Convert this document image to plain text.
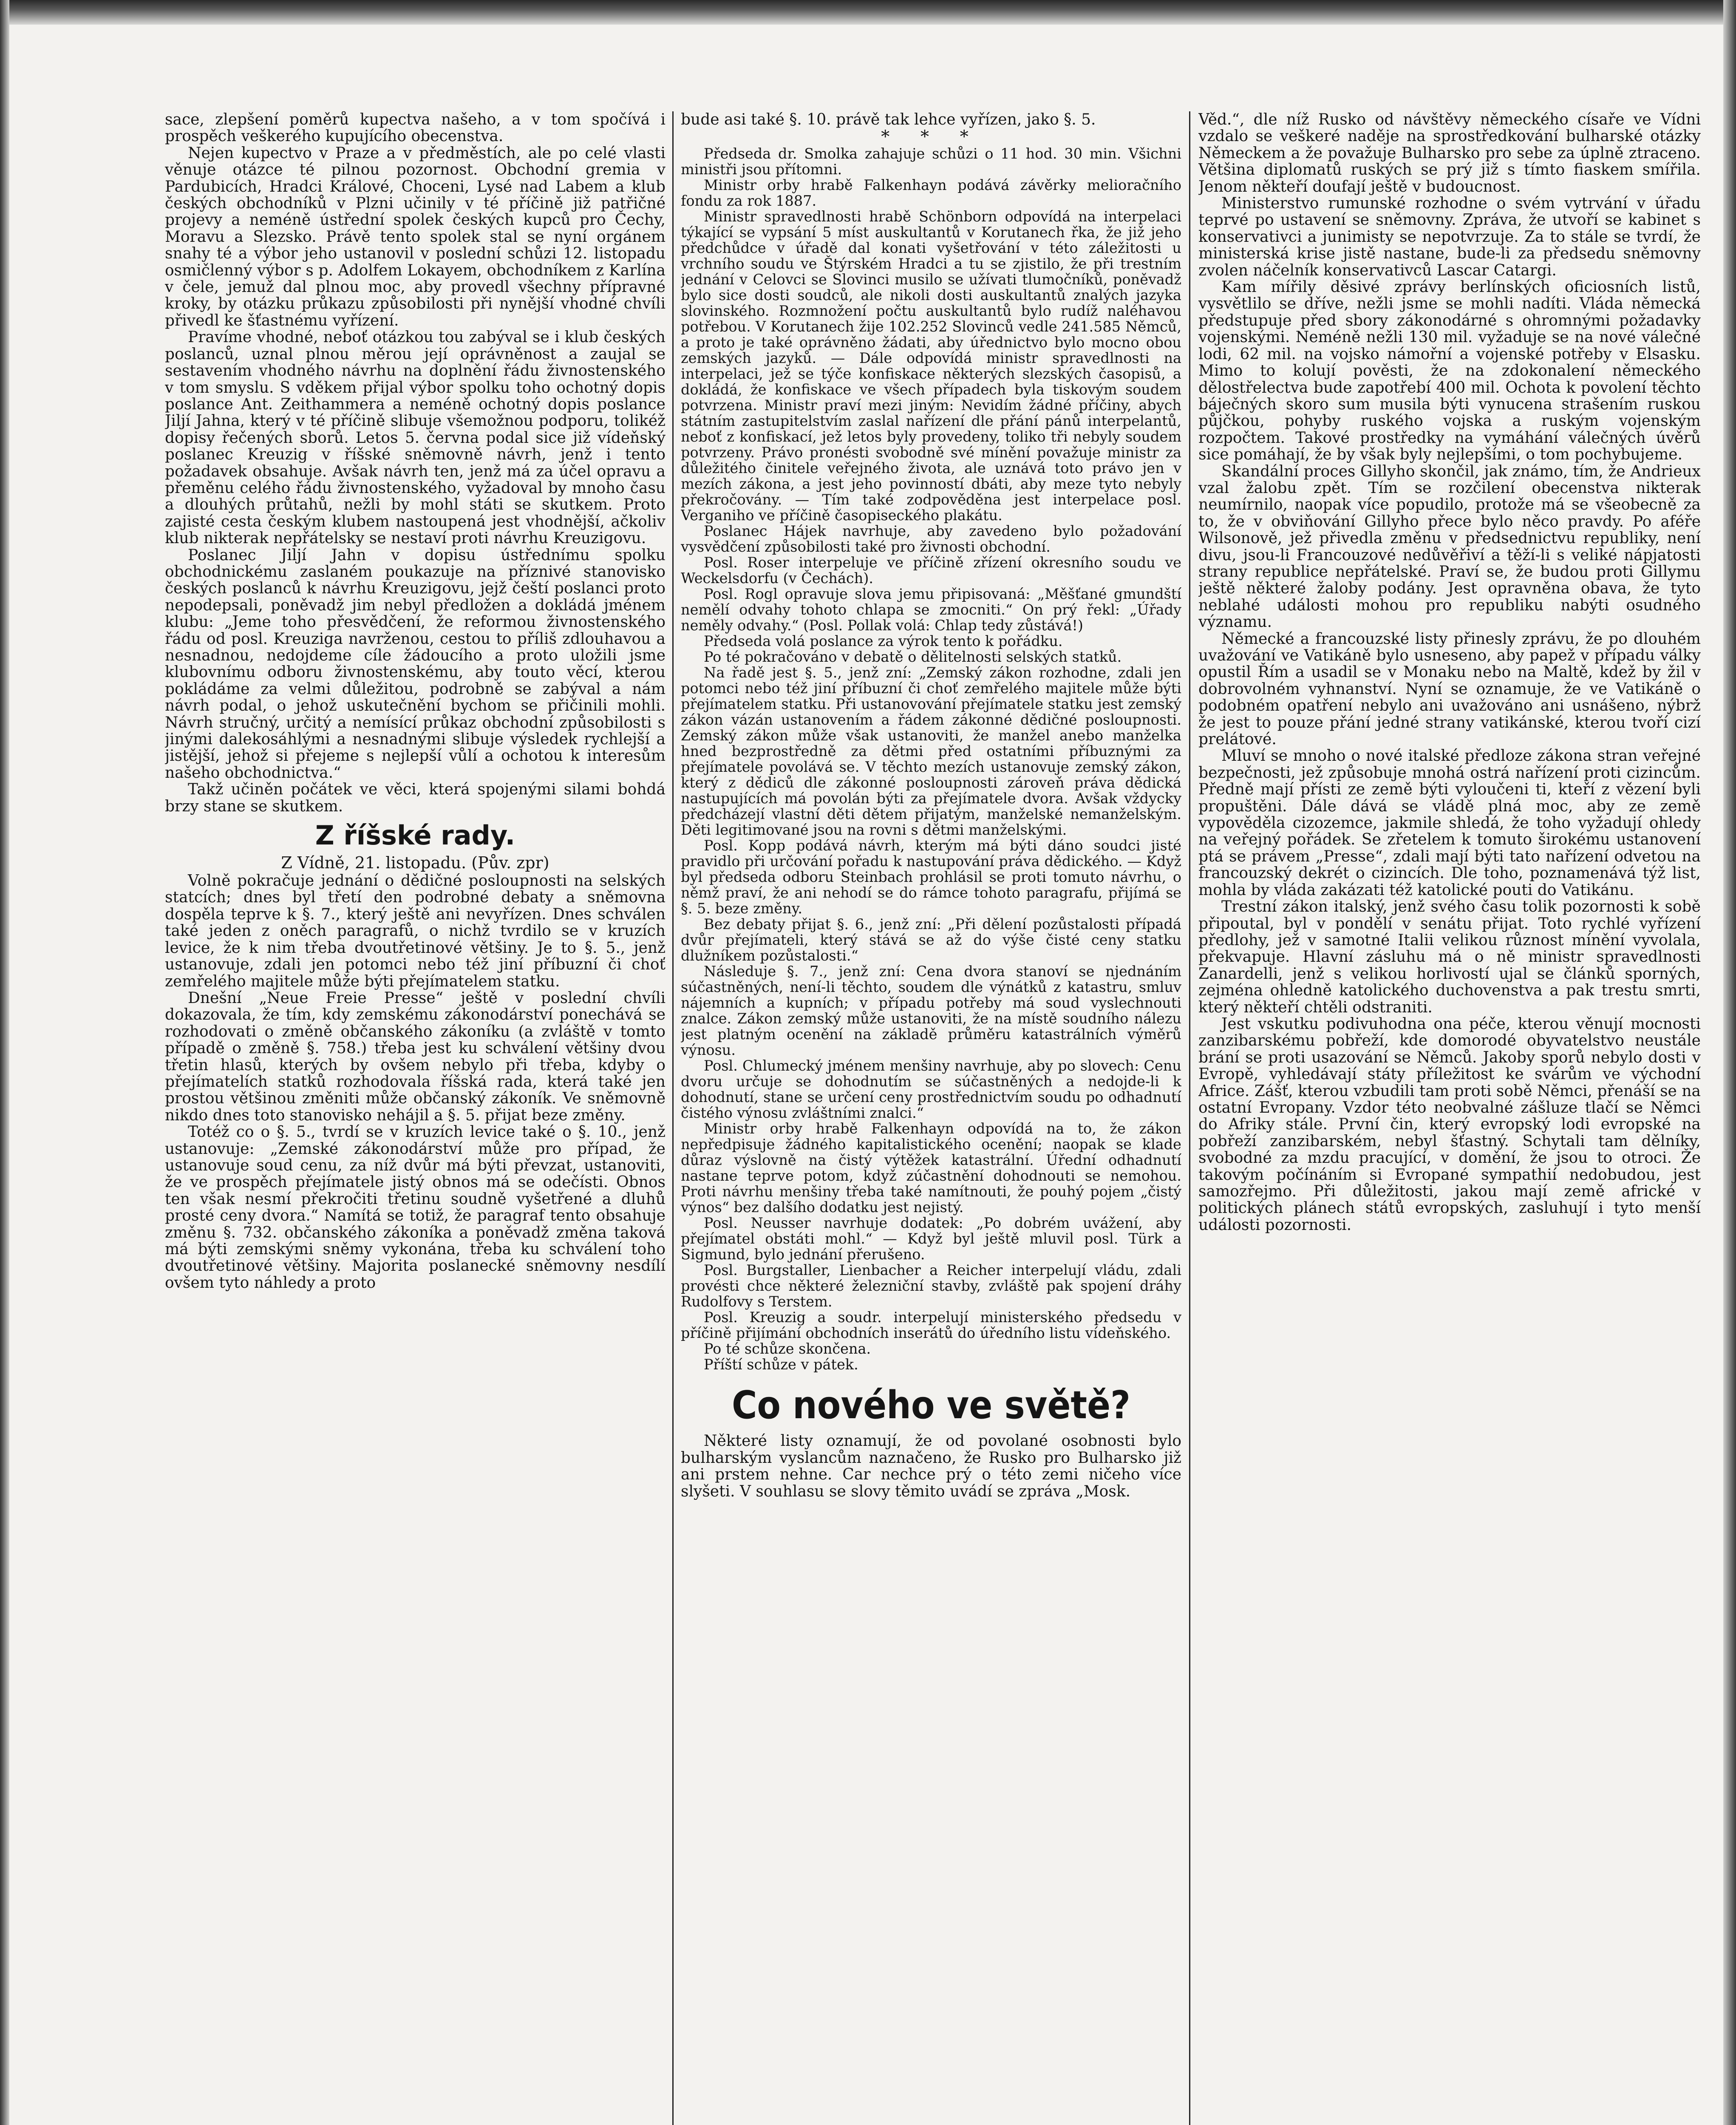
sace, zlepšení poměrů kupectva našeho, a v tom spočívá i prospěch veškerého kupujícího obecenstva.

Nejen kupectvo v Praze a v předměstích, ale po celé vlasti věnuje otázce té pilnou pozornost. Obchodní gremia v Pardubicích, Hradci Králové, Choceni, Lysé nad Labem a klub českých obchodníků v Plzni učinily v té příčině již patřičné projevy a neméně ústřední spolek českých kupců pro Čechy, Moravu a Slezsko. Právě tento spolek stal se nyní orgánem snahy té a výbor jeho ustanovil v poslední schůzi 12. listopadu osmičlenný výbor s p. Adolfem Lokayem, obchodníkem z Karlína v čele, jemuž dal plnou moc, aby provedl všechny přípravné kroky, by otázku průkazu způsobilosti při nynější vhodné chvíli přivedl ke šťastnému vyřízení.

Pravíme vhodné, neboť otázkou tou zabýval se i klub českých poslanců, uznal plnou měrou její oprávněnost a zaujal se sestavením vhodného návrhu na doplnění řádu živnostenského v tom smyslu. S vděkem přijal výbor spolku toho ochotný dopis poslance Ant. Zeithammera a neméně ochotný dopis poslance Jiljí Jahna, který v té příčině slibuje všemožnou podporu, tolikéž dopisy řečených sborů. Letos 5. června podal sice již vídeňský poslanec Kreuzig v říšské sněmovně návrh, jenž i tento požadavek obsahuje. Avšak návrh ten, jenž má za účel opravu a přeměnu celého řádu živnostenského, vyžadoval by mnoho času a dlouhých průtahů, nežli by mohl státi se skutkem. Proto zajisté cesta českým klubem nastoupená jest vhodnější, ačkoliv klub nikterak nepřátelsky se nestaví proti návrhu Kreuzigovu.

Poslanec Jiljí Jahn v dopisu ústřednímu spolku obchodnickému zaslaném poukazuje na příznivé stanovisko českých poslanců k návrhu Kreuzigovu, jejž čeští poslanci proto nepodepsali, poněvadž jim nebyl předložen a dokládá jménem klubu: „Jeme toho přesvědčení, že reformou živnostenského řádu od posl. Kreuziga navrženou, cestou to příliš zdlouhavou a nesnadnou, nedojdeme cíle žádoucího a proto uložili jsme klubovnímu odboru živnostenskému, aby touto věcí, kterou pokládáme za velmi důležitou, podrobně se zabýval a nám návrh podal, o jehož uskutečnění bychom se přičinili mohli. Návrh stručný, určitý a nemísící průkaz obchodní způsobilosti s jinými dalekosáhlými a nesnadnými slibuje výsledek rychlejší a jistější, jehož si přejeme s nejlepší vůlí a ochotou k interesům našeho obchodnictva.“

Takž učiněn počátek ve věci, která spojenými silami bohdá brzy stane se skutkem.

Z říšské rady.
Z Vídně, 21. listopadu. (Pův. zpr)

Volně pokračuje jednání o dědičné posloupnosti na selských statcích; dnes byl třetí den podrobné debaty a sněmovna dospěla teprve k §. 7., který ještě ani nevyřízen. Dnes schválen také jeden z oněch paragrafů, o nichž tvrdilo se v kruzích levice, že k nim třeba dvoutřetinové většiny. Je to §. 5., jenž ustanovuje, zdali jen potomci nebo též jiní příbuzní či choť zemřelého majitele může býti přejímatelem statku.

Dnešní „Neue Freie Presse“ ještě v poslední chvíli dokazovala, že tím, kdy zemskému zákonodárství ponechává se rozhodovati o změně občanského zákoníku (a zvláště v tomto případě o změně §. 758.) třeba jest ku schválení většiny dvou třetin hlasů, kterých by ovšem nebylo při třeba, kdyby o přejímatelích statků rozhodovala říšská rada, která také jen prostou většinou změniti může občanský zákoník. Ve sněmovně nikdo dnes toto stanovisko nehájil a §. 5. přijat beze změny.

Totéž co o §. 5., tvrdí se v kruzích levice také o §. 10., jenž ustanovuje: „Zemské zákonodárství může pro případ, že ustanovuje soud cenu, za níž dvůr má býti převzat, ustanoviti, že ve prospěch přejímatele jistý obnos má se odečísti. Obnos ten však nesmí překročiti třetinu soudně vyšetřené a dluhů prosté ceny dvora.“ Namítá se totiž, že paragraf tento obsahuje změnu §. 732. občanského zákoníka a poněvadž změna taková má býti zemskými sněmy vykonána, třeba ku schválení toho dvoutřetinové většiny. Majorita poslanecké sněmovny nesdílí ovšem tyto náhledy a proto

bude asi také §. 10. právě tak lehce vyřízen, jako §. 5.

* * *

Předseda dr. Smolka zahajuje schůzi o 11 hod. 30 min. Všichni ministři jsou přítomni.

Ministr orby hrabě Falkenhayn podává závěrky melioračního fondu za rok 1887.

Ministr spravedlnosti hrabě Schönborn odpovídá na interpelaci týkající se vypsání 5 míst auskultantů v Korutanech řka, že již jeho předchůdce v úřadě dal konati vyšetřování v této záležitosti u vrchního soudu ve Štýrském Hradci a tu se zjistilo, že při trestním jednání v Celovci se Slovinci musilo se užívati tlumočníků, poněvadž bylo sice dosti soudců, ale nikoli dosti auskultantů znalých jazyka slovinského. Rozmnožení počtu auskultantů bylo rudíž naléhavou potřebou. V Korutanech žije 102.252 Slovinců vedle 241.585 Němců, a proto je také oprávněno žádati, aby úřednictvo bylo mocno obou zemských jazyků. — Dále odpovídá ministr spravedlnosti na interpelaci, jež se týče konfiskace některých slezských časopisů, a dokládá, že konfiskace ve všech případech byla tiskovým soudem potvrzena. Ministr praví mezi jiným: Nevidím žádné příčiny, abych státním zastupitelstvím zaslal nařízení dle přání pánů interpelantů, neboť z konfiskací, jež letos byly provedeny, toliko tři nebyly soudem potvrzeny. Právo pronésti svobodně své mínění považuje ministr za důležitého činitele veřejného života, ale uznává toto právo jen v mezích zákona, a jest jeho povinností dbáti, aby meze tyto nebyly překročovány. — Tím také zodpověděna jest interpelace posl. Verganiho ve příčině časopiseckého plakátu.

Poslanec Hájek navrhuje, aby zavedeno bylo požadování vysvědčení způsobilosti také pro živnosti obchodní.

Posl. Roser interpeluje ve příčině zřízení okresního soudu ve Weckelsdorfu (v Čechách).

Posl. Rogl opravuje slova jemu připisovaná: „Měšťané gmundští nemělí odvahy tohoto chlapa se zmocniti.“ On prý řekl: „Úřady neměly odvahy.“ (Posl. Pollak volá: Chlap tedy zůstává!)

Předseda volá poslance za výrok tento k pořádku.

Po té pokračováno v debatě o dělitelnosti selských statků.

Na řadě jest §. 5., jenž zní: „Zemský zákon rozhodne, zdali jen potomci nebo též jiní příbuzní či choť zemřelého majitele může býti přejímatelem statku. Při ustanovování přejímatele statku jest zemský zákon vázán ustanovením a řádem zákonné dědičné posloupnosti. Zemský zákon může však ustanoviti, že manžel anebo manželka hned bezprostředně za dětmi před ostatními příbuznými za přejímatele povolává se. V těchto mezích ustanovuje zemský zákon, který z dědiců dle zákonné posloupnosti zároveň práva dědická nastupujících má povolán býti za přejímatele dvora. Avšak vždycky předcházejí vlastní děti dětem přijatým, manželské nemanželským. Děti legitimované jsou na rovni s dětmi manželskými.

Posl. Kopp podává návrh, kterým má býti dáno soudci jisté pravidlo při určování pořadu k nastupování práva dědického. — Když byl předseda odboru Steinbach prohlásil se proti tomuto návrhu, o němž praví, že ani nehodí se do rámce tohoto paragrafu, přijímá se §. 5. beze změny.

Bez debaty přijat §. 6., jenž zní: „Při dělení pozůstalosti případá dvůr přejímateli, který stává se až do výše čisté ceny statku dlužníkem pozůstalosti.“

Následuje §. 7., jenž zní: Cena dvora stanoví se njednáním súčastněných, není-li těchto, soudem dle výnátků z katastru, smluv nájemních a kupních; v případu potřeby má soud vyslechnouti znalce. Zákon zemský může ustanoviti, že na místě soudního nálezu jest platným ocenění na základě průměru katastrálních výměrů výnosu.

Posl. Chlumecký jménem menšiny navrhuje, aby po slovech: Cenu dvoru určuje se dohodnutím se súčastněných a nedojde-li k dohodnutí, stane se určení ceny prostřednictvím soudu po odhadnutí čistého výnosu zvláštními znalci.“

Ministr orby hrabě Falkenhayn odpovídá na to, že zákon nepředpisuje žádného kapitalistického ocenění; naopak se klade důraz výslovně na čistý výtěžek katastrální. Úřední odhadnutí nastane teprve potom, když zúčastnění dohodnouti se nemohou. Proti návrhu menšiny třeba také namítnouti, že pouhý pojem „čistý výnos“ bez dalšího dodatku jest nejistý.

Posl. Neusser navrhuje dodatek: „Po dobrém uvážení, aby přejímatel obstáti mohl.“ — Když byl ještě mluvil posl. Türk a Sigmund, bylo jednání přerušeno.

Posl. Burgstaller, Lienbacher a Reicher interpelují vládu, zdali provésti chce některé železniční stavby, zvláště pak spojení dráhy Rudolfovy s Terstem.

Posl. Kreuzig a soudr. interpelují ministerského předsedu v příčině přijímání obchodních inserátů do úředního listu vídeňského.

Po té schůze skončena.

Příští schůze v pátek.

Co nového ve světě?

Některé listy oznamují, že od povolané osobnosti bylo bulharským vyslancům naznačeno, že Rusko pro Bulharsko již ani prstem nehne. Car nechce prý o této zemi ničeho více slyšeti. V souhlasu se slovy těmito uvádí se zpráva „Mosk.

Věd.“, dle níž Rusko od návštěvy německého císaře ve Vídni vzdalo se veškeré naděje na sprostředkování bulharské otázky Německem a že považuje Bulharsko pro sebe za úplně ztraceno. Většina diplomatů ruských se prý již s tímto fiaskem smířila. Jenom někteří doufají ještě v budoucnost.

Ministerstvo rumunské rozhodne o svém vytrvání v úřadu teprvé po ustavení se sněmovny. Zpráva, že utvoří se kabinet s konservativci a junimisty se nepotvrzuje. Za to stále se tvrdí, že ministerská krise jistě nastane, bude-li za předsedu sněmovny zvolen náčelník konservativců Lascar Catargi.

Kam mířily děsivé zprávy berlínských oficiosních listů, vysvětlilo se dříve, nežli jsme se mohli nadíti. Vláda německá předstupuje před sbory zákonodárné s ohromnými požadavky vojenskými. Neméně nežli 130 mil. vyžaduje se na nové válečné lodi, 62 mil. na vojsko námořní a vojenské potřeby v Elsasku. Mimo to kolují pověsti, že na zdokonalení německého dělostřelectva bude zapotřebí 400 mil. Ochota k povolení těchto báječných skoro sum musila býti vynucena strašením ruskou půjčkou, pohyby ruského vojska a ruským vojenským rozpočtem. Takové prostředky na vymáhání válečných úvěrů sice pomáhají, že by však byly nejlepšími, o tom pochybujeme.

Skandální proces Gillyho skončil, jak známo, tím, že Andrieux vzal žalobu zpět. Tím se rozčilení obecenstva nikterak neumírnilo, naopak více popudilo, protože má se všeobecně za to, že v obviňování Gillyho přece bylo něco pravdy. Po aféře Wilsonově, jež přivedla změnu v předsednictvu republiky, není divu, jsou-li Francouzové nedůvěřiví a těží-li s veliké nápjatosti strany republice nepřátelské. Praví se, že budou proti Gillymu ještě některé žaloby podány. Jest opravněna obava, že tyto neblahé události mohou pro republiku nabýti osudného významu.

Německé a francouzské listy přinesly zprávu, že po dlouhém uvažování ve Vatikáně bylo usneseno, aby papež v případu války opustil Řím a usadil se v Monaku nebo na Maltě, kdež by žil v dobrovolném vyhnanství. Nyní se oznamuje, že ve Vatikáně o podobném opatření nebylo ani uvažováno ani usnášeno, nýbrž že jest to pouze přání jedné strany vatikánské, kterou tvoří cizí prelátové.

Mluví se mnoho o nové italské předloze zákona stran veřejné bezpečnosti, jež způsobuje mnohá ostrá nařízení proti cizincům. Předně mají přísti ze země býti vyloučeni ti, kteří z vězení byli propuštěni. Dále dává se vládě plná moc, aby ze země vypověděla cizozemce, jakmile shledá, že toho vyžadují ohledy na veřejný pořádek. Se zřetelem k tomuto širokému ustanovení ptá se právem „Presse“, zdali mají býti tato nařízení odvetou na francouzský dekrét o cizincích. Dle toho, poznamenává týž list, mohla by vláda zakázati též katolické pouti do Vatikánu.

Trestní zákon italský, jenž svého času tolik pozornosti k sobě připoutal, byl v pondělí v senátu přijat. Toto rychlé vyřízení předlohy, jež v samotné Italii velikou různost mínění vyvolala, překvapuje. Hlavní zásluhu má o ně ministr spravedlnosti Zanardelli, jenž s velikou horlivostí ujal se článků sporných, zejména ohledně katolického duchovenstva a pak trestu smrti, který někteří chtěli odstraniti.

Jest vskutku podivuhodna ona péče, kterou věnují mocnosti zanzibarskému pobřeží, kde domorodé obyvatelstvo neustále brání se proti usazování se Němců. Jakoby sporů nebylo dosti v Evropě, vyhledávají státy příležitost ke svárům ve východní Africe. Zášť, kterou vzbudili tam proti sobě Němci, přenáší se na ostatní Evropany. Vzdor této neobvalné zášluze tlačí se Němci do Afriky stále. První čin, který evropský lodi evropské na pobřeží zanzibarském, nebyl šťastný. Schytali tam dělníky, svobodné za mzdu pracující, v domění, že jsou to otroci. Že takovým počínáním si Evropané sympathií nedobudou, jest samozřejmo. Při důležitosti, jakou mají země africké v politických plánech států evropských, zasluhují i tyto menší události pozornosti.
